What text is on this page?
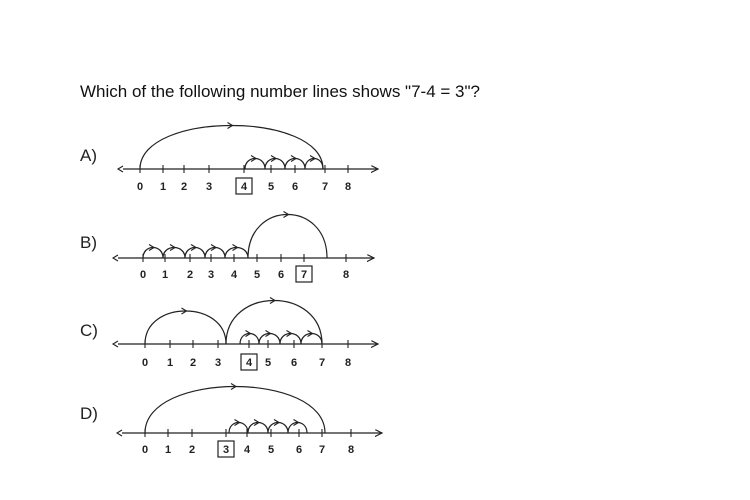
Which of the following number lines shows "7-4 = 3"?
A)
B)
C)
D)
0 1 2 3	4 5 6 7 8
0 1 2 3 4 5 6 7	8
0 1 2 3 4 5 6 7 8
0 1 2	3 4 5 6 7 8
